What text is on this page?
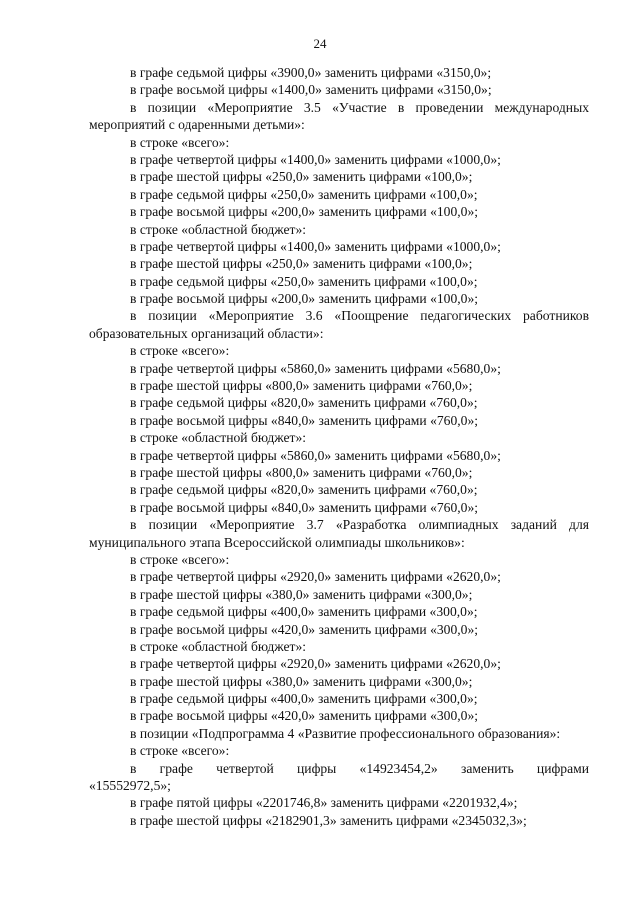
24
в графе седьмой цифры «3900,0» заменить цифрами «3150,0»;
в графе восьмой цифры «1400,0» заменить цифрами «3150,0»;
в позиции «Мероприятие 3.5 «Участие в проведении международных
мероприятий с одаренными детьми»:
в строке «всего»:
в графе четвертой цифры «1400,0» заменить цифрами «1000,0»;
в графе шестой цифры «250,0» заменить цифрами «100,0»;
в графе седьмой цифры «250,0» заменить цифрами «100,0»;
в графе восьмой цифры «200,0» заменить цифрами «100,0»;
в строке «областной бюджет»:
в графе четвертой цифры «1400,0» заменить цифрами «1000,0»;
в графе шестой цифры «250,0» заменить цифрами «100,0»;
в графе седьмой цифры «250,0» заменить цифрами «100,0»;
в графе восьмой цифры «200,0» заменить цифрами «100,0»;
в позиции «Мероприятие 3.6 «Поощрение педагогических работников
образовательных организаций области»:
в строке «всего»:
в графе четвертой цифры «5860,0» заменить цифрами «5680,0»;
в графе шестой цифры «800,0» заменить цифрами «760,0»;
в графе седьмой цифры «820,0» заменить цифрами «760,0»;
в графе восьмой цифры «840,0» заменить цифрами «760,0»;
в строке «областной бюджет»:
в графе четвертой цифры «5860,0» заменить цифрами «5680,0»;
в графе шестой цифры «800,0» заменить цифрами «760,0»;
в графе седьмой цифры «820,0» заменить цифрами «760,0»;
в графе восьмой цифры «840,0» заменить цифрами «760,0»;
в позиции «Мероприятие 3.7 «Разработка олимпиадных заданий для
муниципального этапа Всероссийской олимпиады школьников»:
в строке «всего»:
в графе четвертой цифры «2920,0» заменить цифрами «2620,0»;
в графе шестой цифры «380,0» заменить цифрами «300,0»;
в графе седьмой цифры «400,0» заменить цифрами «300,0»;
в графе восьмой цифры «420,0» заменить цифрами «300,0»;
в строке «областной бюджет»:
в графе четвертой цифры «2920,0» заменить цифрами «2620,0»;
в графе шестой цифры «380,0» заменить цифрами «300,0»;
в графе седьмой цифры «400,0» заменить цифрами «300,0»;
в графе восьмой цифры «420,0» заменить цифрами «300,0»;
в позиции «Подпрограмма 4 «Развитие профессионального образования»:
в строке «всего»:
в графе четвертой цифры «14923454,2» заменить цифрами
«15552972,5»;
в графе пятой цифры «2201746,8» заменить цифрами «2201932,4»;
в графе шестой цифры «2182901,3» заменить цифрами «2345032,3»;
